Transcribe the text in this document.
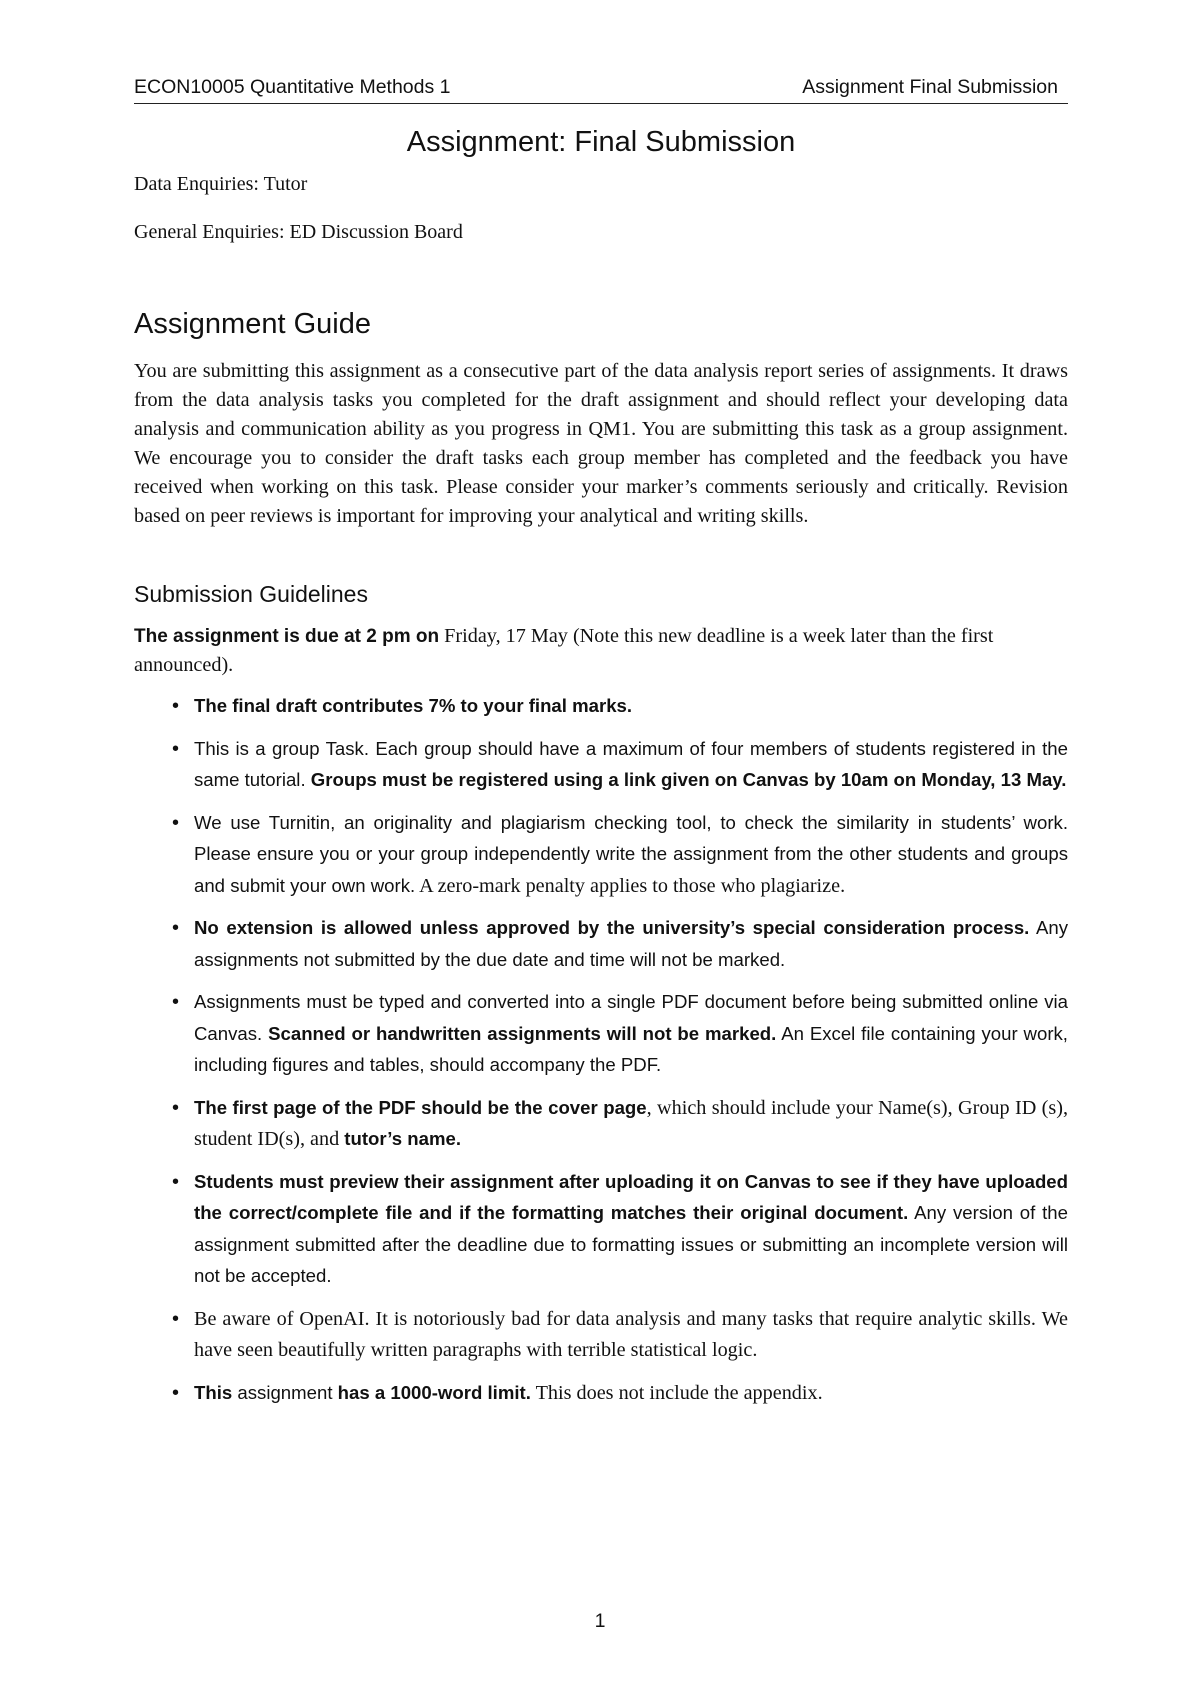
ECON10005 Quantitative Methods 1	Assignment Final Submission
Assignment: Final Submission

Data Enquiries: Tutor

General Enquiries: ED Discussion Board

Assignment Guide

You are submitting this assignment as a consecutive part of the data analysis report series of assignments. It draws from the data analysis tasks you completed for the draft assignment and should reflect your developing data analysis and communication ability as you progress in QM1. You are submitting this task as a group assignment. We encourage you to consider the draft tasks each group member has completed and the feedback you have received when working on this task. Please consider your marker’s comments seriously and critically. Revision based on peer reviews is important for improving your analytical and writing skills.

Submission Guidelines

The assignment is due at 2 pm on Friday, 17 May (Note this new deadline is a week later than the first announced).

• The final draft contributes 7% to your final marks.
• This is a group Task. Each group should have a maximum of four members of students registered in the same tutorial. Groups must be registered using a link given on Canvas by 10am on Monday, 13 May.
• We use Turnitin, an originality and plagiarism checking tool, to check the similarity in students’ work. Please ensure you or your group independently write the assignment from the other students and groups and submit your own work. A zero-mark penalty applies to those who plagiarize.
• No extension is allowed unless approved by the university’s special consideration process. Any assignments not submitted by the due date and time will not be marked.
• Assignments must be typed and converted into a single PDF document before being submitted online via Canvas. Scanned or handwritten assignments will not be marked. An Excel file containing your work, including figures and tables, should accompany the PDF.
• The first page of the PDF should be the cover page, which should include your Name(s), Group ID (s), student ID(s), and tutor’s name.
• Students must preview their assignment after uploading it on Canvas to see if they have uploaded the correct/complete file and if the formatting matches their original document. Any version of the assignment submitted after the deadline due to formatting issues or submitting an incomplete version will not be accepted.
• Be aware of OpenAI. It is notoriously bad for data analysis and many tasks that require analytic skills. We have seen beautifully written paragraphs with terrible statistical logic.
• This assignment has a 1000-word limit. This does not include the appendix.
1
